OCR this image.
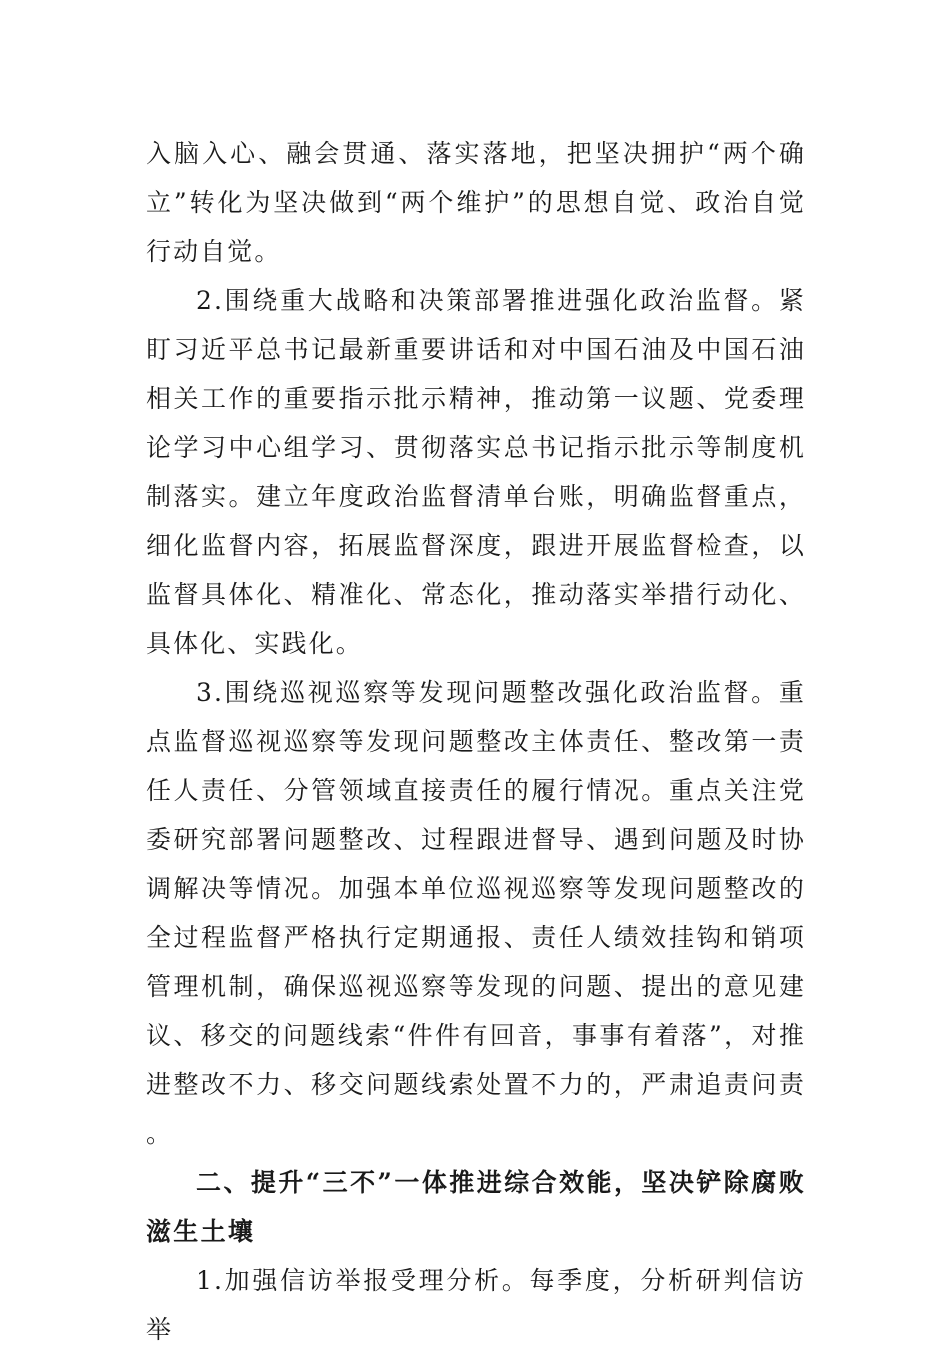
入脑入心、融会贯通、落实落地，把坚决拥护“两个确立”转化为坚决做到“两个维护”的思想自觉、政治自觉行动自觉。

2.围绕重大战略和决策部署推进强化政治监督。紧盯习近平总书记最新重要讲话和对中国石油及中国石油相关工作的重要指示批示精神，推动第一议题、党委理论学习中心组学习、贯彻落实总书记指示批示等制度机制落实。建立年度政治监督清单台账，明确监督重点，细化监督内容，拓展监督深度，跟进开展监督检查，以监督具体化、精准化、常态化，推动落实举措行动化、具体化、实践化。

3.围绕巡视巡察等发现问题整改强化政治监督。重点监督巡视巡察等发现问题整改主体责任、整改第一责任人责任、分管领域直接责任的履行情况。重点关注党委研究部署问题整改、过程跟进督导、遇到问题及时协调解决等情况。加强本单位巡视巡察等发现问题整改的全过程监督严格执行定期通报、责任人绩效挂钩和销项管理机制，确保巡视巡察等发现的问题、提出的意见建议、移交的问题线索“件件有回音，事事有着落”，对推进整改不力、移交问题线索处置不力的，严肃追责问责。

二、提升“三不”一体推进综合效能，坚决铲除腐败滋生土壤

1.加强信访举报受理分析。每季度，分析研判信访举
